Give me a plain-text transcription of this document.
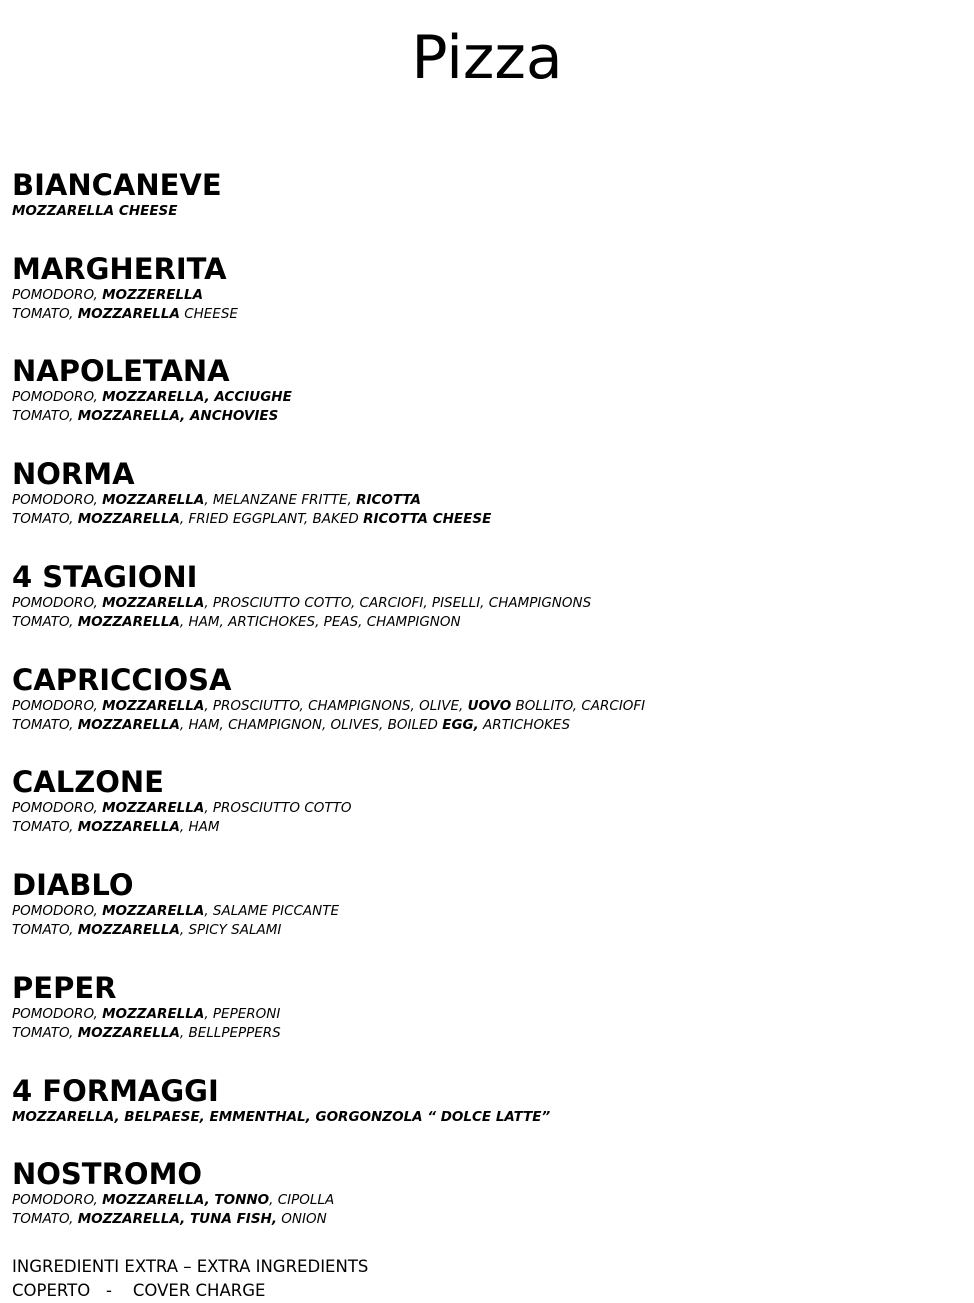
Pizza
BIANCANEVE
MOZZARELLA CHEESE
MARGHERITA
POMODORO, MOZZERELLA
TOMATO, MOZZARELLA CHEESE
NAPOLETANA
POMODORO, MOZZARELLA, ACCIUGHE
TOMATO, MOZZARELLA, ANCHOVIES
NORMA
POMODORO, MOZZARELLA, MELANZANE FRITTE, RICOTTA
TOMATO, MOZZARELLA, FRIED EGGPLANT, BAKED RICOTTA CHEESE
4 STAGIONI
POMODORO, MOZZARELLA, PROSCIUTTO COTTO, CARCIOFI, PISELLI, CHAMPIGNONS
TOMATO, MOZZARELLA, HAM, ARTICHOKES, PEAS, CHAMPIGNON
CAPRICCIOSA
POMODORO, MOZZARELLA, PROSCIUTTO, CHAMPIGNONS, OLIVE, UOVO BOLLITO, CARCIOFI
TOMATO, MOZZARELLA, HAM, CHAMPIGNON, OLIVES, BOILED EGG, ARTICHOKES
CALZONE
POMODORO, MOZZARELLA, PROSCIUTTO COTTO
TOMATO, MOZZARELLA, HAM
DIABLO
POMODORO, MOZZARELLA, SALAME PICCANTE
TOMATO, MOZZARELLA, SPICY SALAMI
PEPER
POMODORO, MOZZARELLA, PEPERONI
TOMATO, MOZZARELLA, BELLPEPPERS
4 FORMAGGI
MOZZARELLA, BELPAESE, EMMENTHAL, GORGONZOLA “ DOLCE LATTE”
NOSTROMO
POMODORO, MOZZARELLA, TONNO, CIPOLLA
TOMATO, MOZZARELLA, TUNA FISH, ONION
INGREDIENTI EXTRA – EXTRA INGREDIENTS
COPERTO   -    COVER CHARGE
